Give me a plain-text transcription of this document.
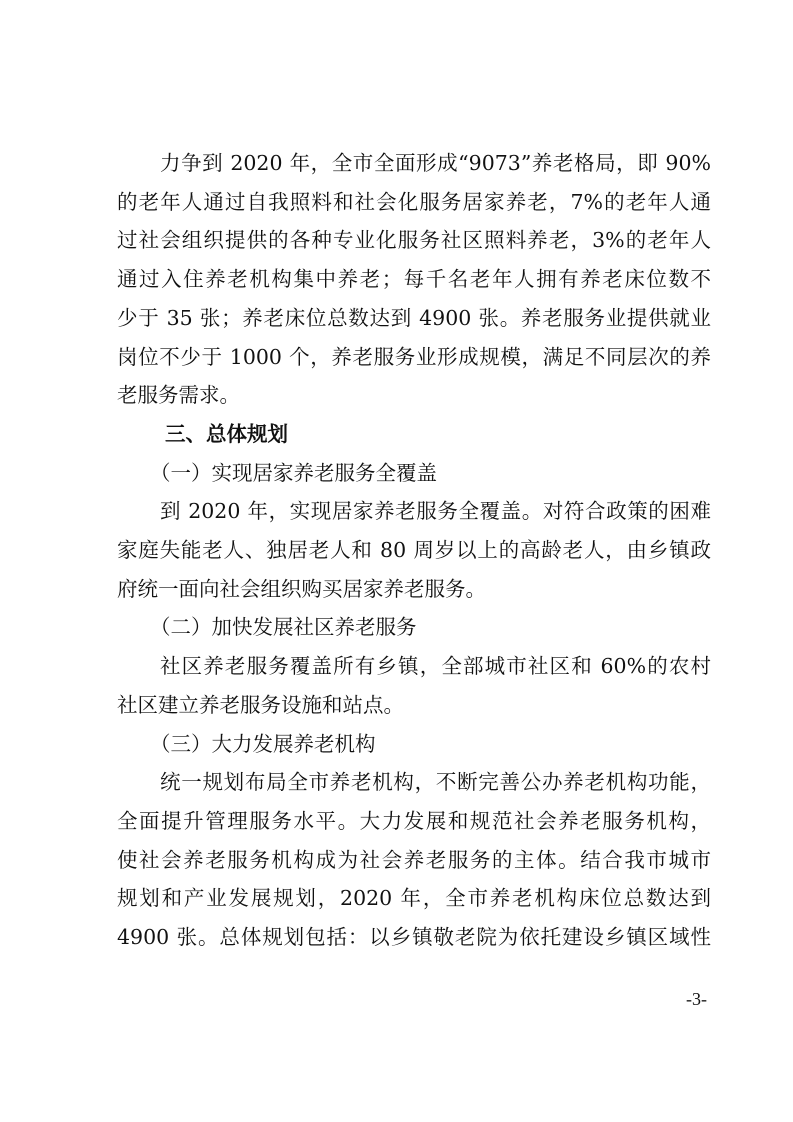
力争到 2020 年，全市全面形成“9073”养老格局，即 90%
的老年人通过自我照料和社会化服务居家养老，7%的老年人通
过社会组织提供的各种专业化服务社区照料养老，3%的老年人
通过入住养老机构集中养老；每千名老年人拥有养老床位数不
少于 35 张；养老床位总数达到 4900 张。养老服务业提供就业
岗位不少于 1000 个，养老服务业形成规模，满足不同层次的养
老服务需求。
三、总体规划
（一）实现居家养老服务全覆盖
到 2020 年，实现居家养老服务全覆盖。对符合政策的困难
家庭失能老人、独居老人和 80 周岁以上的高龄老人，由乡镇政
府统一面向社会组织购买居家养老服务。
（二）加快发展社区养老服务
社区养老服务覆盖所有乡镇，全部城市社区和 60%的农村
社区建立养老服务设施和站点。
（三）大力发展养老机构
统一规划布局全市养老机构，不断完善公办养老机构功能，
全面提升管理服务水平。大力发展和规范社会养老服务机构，
使社会养老服务机构成为社会养老服务的主体。结合我市城市
规划和产业发展规划，2020 年，全市养老机构床位总数达到
4900 张。总体规划包括：以乡镇敬老院为依托建设乡镇区域性
-3-
